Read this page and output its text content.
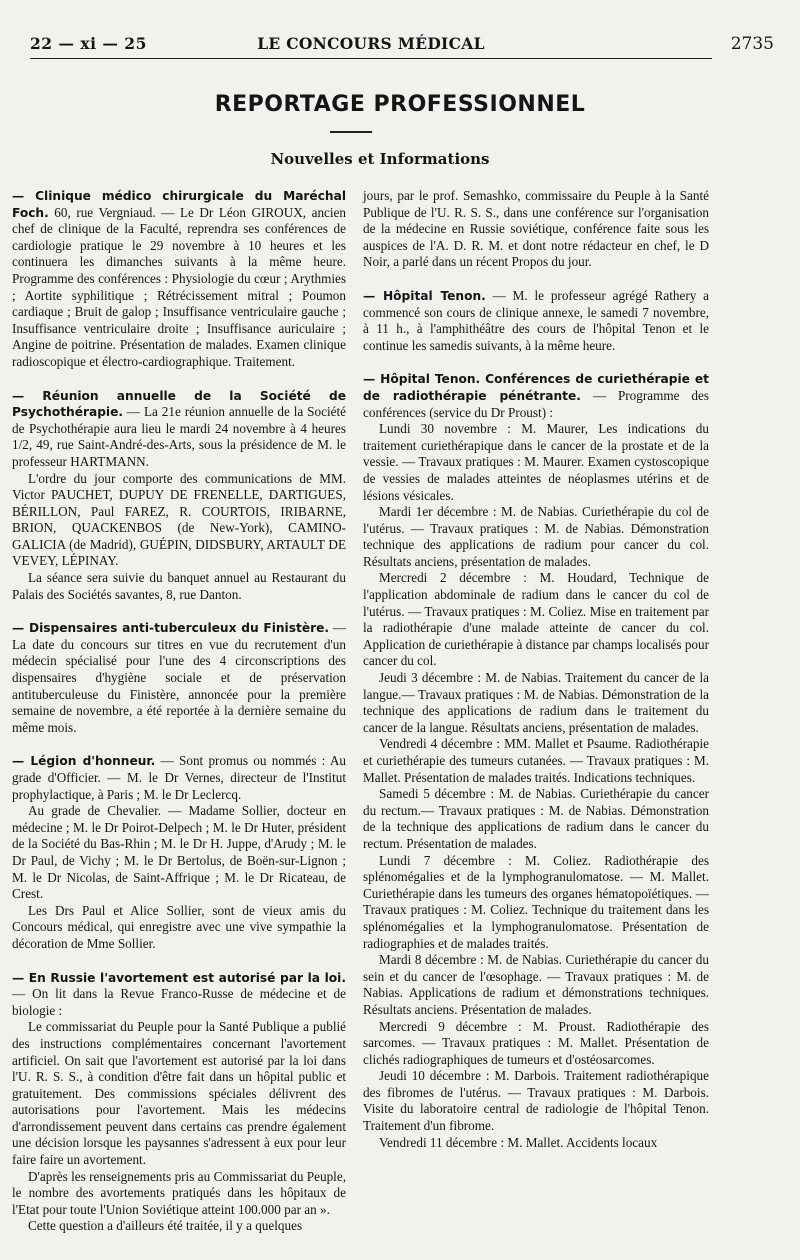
22 — xi — 25	LE CONCOURS MÉDICAL	2735
REPORTAGE PROFESSIONNEL
Nouvelles et Informations

— Clinique médico chirurgicale du Maréchal Foch. 60, rue Vergniaud. — Le Dr Léon GIROUX, ancien chef de clinique de la Faculté, reprendra ses conférences de cardiologie pratique le 29 novembre à 10 heures et les continuera les dimanches suivants à la même heure. Programme des conférences : Physiologie du cœur ; Arythmies ; Aortite syphilitique ; Rétrécissement mitral ; Poumon cardiaque ; Bruit de galop ; Insuffisance ventriculaire gauche ; Insuffisance ventriculaire droite ; Insuffisance auriculaire ; Angine de poitrine. Présentation de malades. Examen clinique radioscopique et électro-cardiographique. Traitement.

— Réunion annuelle de la Société de Psychothérapie. — La 21e réunion annuelle de la Société de Psychothérapie aura lieu le mardi 24 novembre à 4 heures 1/2, 49, rue Saint-André-des-Arts, sous la présidence de M. le professeur HARTMANN.

L'ordre du jour comporte des communications de MM. Victor PAUCHET, DUPUY DE FRENELLE, DARTIGUES, BÉRILLON, Paul FAREZ, R. COURTOIS, IRIBARNE, BRION, QUACKENBOS (de New-York), CAMINO-GALICIA (de Madrid), GUÉPIN, DIDSBURY, ARTAULT DE VEVEY, LÉPINAY.

La séance sera suivie du banquet annuel au Restaurant du Palais des Sociétés savantes, 8, rue Danton.

— Dispensaires anti-tuberculeux du Finistère. — La date du concours sur titres en vue du recrutement d'un médecin spécialisé pour l'une des 4 circonscriptions des dispensaires d'hygiène sociale et de préservation antituberculeuse du Finistère, annoncée pour la première semaine de novembre, a été reportée à la dernière semaine du même mois.

— Légion d'honneur. — Sont promus ou nommés : Au grade d'Officier. — M. le Dr Vernes, directeur de l'Institut prophylactique, à Paris ; M. le Dr Leclercq.

Au grade de Chevalier. — Madame Sollier, docteur en médecine ; M. le Dr Poirot-Delpech ; M. le Dr Huter, président de la Société du Bas-Rhin ; M. le Dr H. Juppe, d'Arudy ; M. le Dr Paul, de Vichy ; M. le Dr Bertolus, de Boën-sur-Lignon ; M. le Dr Nicolas, de Saint-Affrique ; M. le Dr Ricateau, de Crest.

Les Drs Paul et Alice Sollier, sont de vieux amis du Concours médical, qui enregistre avec une vive sympathie la décoration de Mme Sollier.

— En Russie l'avortement est autorisé par la loi. — On lit dans la Revue Franco-Russe de médecine et de biologie :

Le commissariat du Peuple pour la Santé Publique a publié des instructions complémentaires concernant l'avortement artificiel. On sait que l'avortement est autorisé par la loi dans l'U. R. S. S., à condition d'être fait dans un hôpital public et gratuitement. Des commissions spéciales délivrent des autorisations pour l'avortement. Mais les médecins d'arrondissement peuvent dans certains cas prendre également une décision lorsque les paysannes s'adressent à eux pour leur faire faire un avortement.

D'après les renseignements pris au Commissariat du Peuple, le nombre des avortements pratiqués dans les hôpitaux de l'Etat pour toute l'Union Soviétique atteint 100.000 par an ».

Cette question a d'ailleurs été traitée, il y a quelques

jours, par le prof. Semashko, commissaire du Peuple à la Santé Publique de l'U. R. S. S., dans une conférence sur l'organisation de la médecine en Russie soviétique, conférence faite sous les auspices de l'A. D. R. M. et dont notre rédacteur en chef, le D Noir, a parlé dans un récent Propos du jour.

— Hôpital Tenon. — M. le professeur agrégé Rathery a commencé son cours de clinique annexe, le samedi 7 novembre, à 11 h., à l'amphithéâtre des cours de l'hôpital Tenon et le continue les samedis suivants, à la même heure.

— Hôpital Tenon. Conférences de curiethérapie et de radiothérapie pénétrante. — Programme des conférences (service du Dr Proust) :

Lundi 30 novembre : M. Maurer, Les indications du traitement curiethérapique dans le cancer de la prostate et de la vessie. — Travaux pratiques : M. Maurer. Examen cystoscopique de vessies de malades atteintes de néoplasmes utérins et de lésions vésicales.

Mardi 1er décembre : M. de Nabias. Curiethérapie du col de l'utérus. — Travaux pratiques : M. de Nabias. Démonstration technique des applications de radium pour cancer du col. Résultats anciens, présentation de malades.

Mercredi 2 décembre : M. Houdard, Technique de l'application abdominale de radium dans le cancer du col de l'utérus. — Travaux pratiques : M. Coliez. Mise en traitement par la radiothérapie d'une malade atteinte de cancer du col. Application de curiethérapie à distance par champs localisés pour cancer du col.

Jeudi 3 décembre : M. de Nabias. Traitement du cancer de la langue.— Travaux pratiques : M. de Nabias. Démonstration de la technique des applications de radium dans le traitement du cancer de la langue. Résultats anciens, présentation de malades.

Vendredi 4 décembre : MM. Mallet et Psaume. Radiothérapie et curiethérapie des tumeurs cutanées. — Travaux pratiques : M. Mallet. Présentation de malades traités. Indications techniques.

Samedi 5 décembre : M. de Nabias. Curiethérapie du cancer du rectum.— Travaux pratiques : M. de Nabias. Démonstration de la technique des applications de radium dans le cancer du rectum. Présentation de malades.

Lundi 7 décembre : M. Coliez. Radiothérapie des splénomégalies et de la lymphogranulomatose. — M. Mallet. Curiethérapie dans les tumeurs des organes hématopoïétiques. — Travaux pratiques : M. Coliez. Technique du traitement dans les splénomégalies et la lymphogranulomatose. Présentation de radiographies et de malades traités.

Mardi 8 décembre : M. de Nabias. Curiethérapie du cancer du sein et du cancer de l'œsophage. — Travaux pratiques : M. de Nabias. Applications de radium et démonstrations techniques. Résultats anciens. Présentation de malades.

Mercredi 9 décembre : M. Proust. Radiothérapie des sarcomes. — Travaux pratiques : M. Mallet. Présentation de clichés radiographiques de tumeurs et d'ostéosarcomes.

Jeudi 10 décembre : M. Darbois. Traitement radiothérapique des fibromes de l'utérus. — Travaux pratiques : M. Darbois. Visite du laboratoire central de radiologie de l'hôpital Tenon. Traitement d'un fibrome.

Vendredi 11 décembre : M. Mallet. Accidents locaux
